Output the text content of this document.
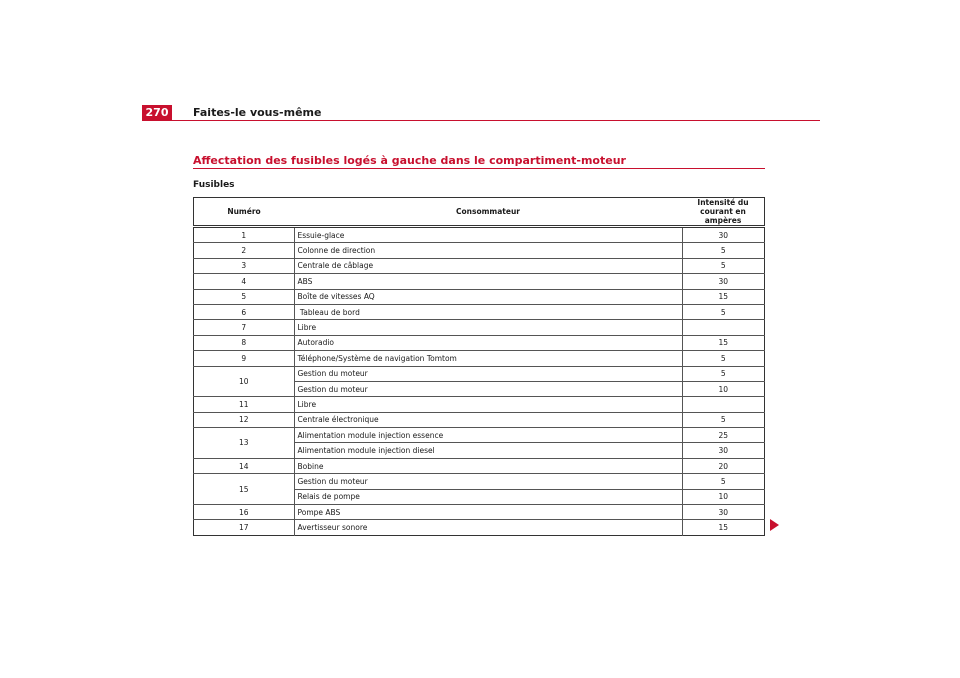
270	Faites-le vous-même
Affectation des fusibles logés à gauche dans le compartiment-moteur
Fusibles
Numéro	Consommateur	Intensité du courant en ampères
1	Essuie-glace	30
2	Colonne de direction	5
3	Centrale de câblage	5
4	ABS	30
5	Boîte de vitesses AQ	15
6	Tableau de bord	5
7	Libre	
8	Autoradio	15
9	Téléphone/Système de navigation Tomtom	5
10	Gestion du moteur	5
	Gestion du moteur	10
11	Libre	
12	Centrale électronique	5
13	Alimentation module injection essence	25
	Alimentation module injection diesel	30
14	Bobine	20
15	Gestion du moteur	5
	Relais de pompe	10
16	Pompe ABS	30
17	Avertisseur sonore	15
